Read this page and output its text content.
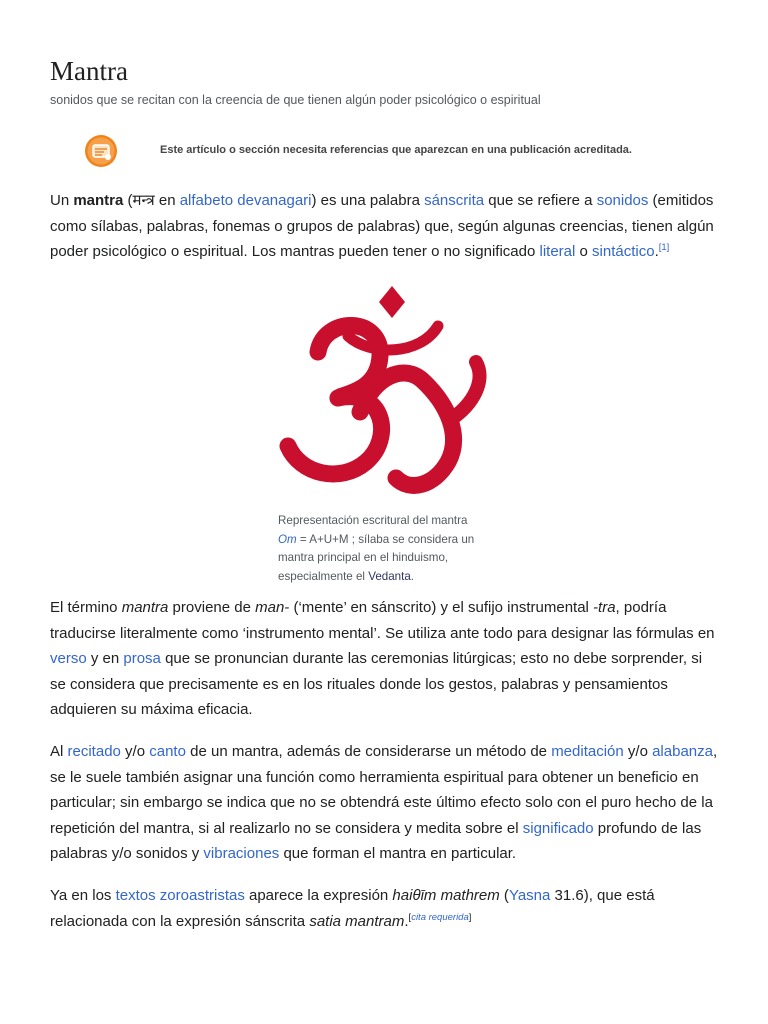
Mantra
sonidos que se recitan con la creencia de que tienen algún poder psicológico o espiritual
Este artículo o sección necesita referencias que aparezcan en una publicación acreditada.

Un mantra (मन्त्र en alfabeto devanagari) es una palabra sánscrita que se refiere a sonidos (emitidos como sílabas, palabras, fonemas o grupos de palabras) que, según algunas creencias, tienen algún poder psicológico o espiritual. Los mantras pueden tener o no significado literal o sintáctico.[1]

Representación escritural del mantra Om = A+U+M ; sílaba se considera un mantra principal en el hinduismo, especialmente el Vedanta.

El término mantra proviene de man- (‘mente’ en sánscrito) y el sufijo instrumental -tra, podría traducirse literalmente como ‘instrumento mental’. Se utiliza ante todo para designar las fórmulas en verso y en prosa que se pronuncian durante las ceremonias litúrgicas; esto no debe sorprender, si se considera que precisamente es en los rituales donde los gestos, palabras y pensamientos adquieren su máxima eficacia.

Al recitado y/o canto de un mantra, además de considerarse un método de meditación y/o alabanza, se le suele también asignar una función como herramienta espiritual para obtener un beneficio en particular; sin embargo se indica que no se obtendrá este último efecto solo con el puro hecho de la repetición del mantra, si al realizarlo no se considera y medita sobre el significado profundo de las palabras y/o sonidos y vibraciones que forman el mantra en particular.

Ya en los textos zoroastristas aparece la expresión haiθīm mathrem (Yasna 31.6), que está relacionada con la expresión sánscrita satia mantram.[cita requerida]
